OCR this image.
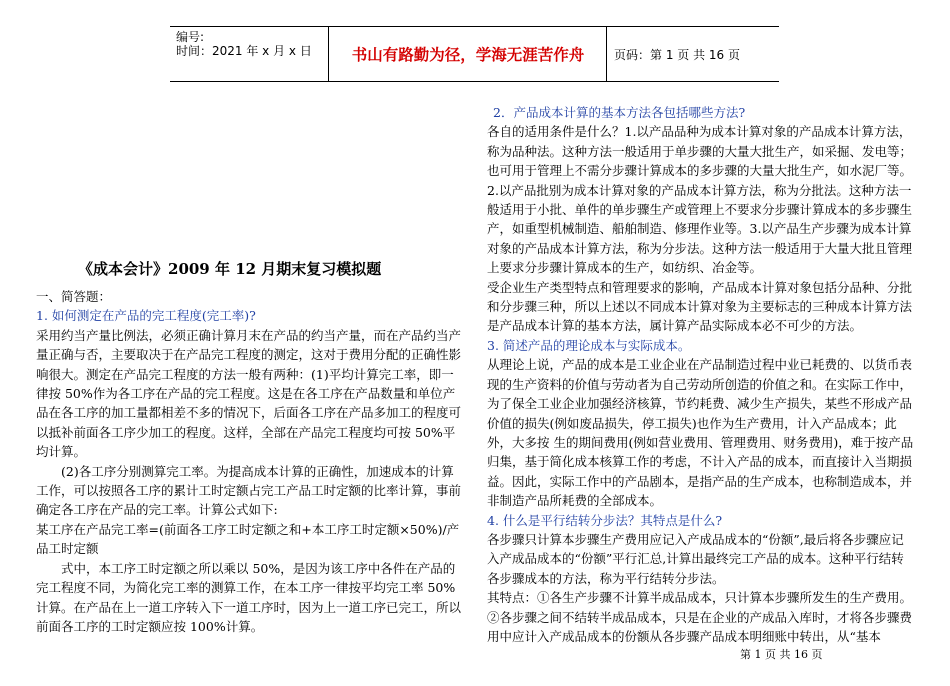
编号:
时间：2021 年 x 月 x 日	书山有路勤为径，学海无涯苦作舟	页码：第 1 页 共 16 页
《成本会计》2009 年 12 月期末复习模拟题

一、简答题：

1. 如何测定在产品的完工程度(完工率)?

采用约当产量比例法，必须正确计算月末在产品的约当产量，而在产品约当产量正确与否，主要取决于在产品完工程度的测定，这对于费用分配的正确性影响很大。测定在产品完工程度的方法一般有两种：(1)平均计算完工率，即一律按 50%作为各工序在产品的完工程度。这是在各工序在产品数量和单位产品在各工序的加工量都相差不多的情况下，后面各工序在产品多加工的程度可以抵补前面各工序少加工的程度。这样，全部在产品完工程度均可按 50%平均计算。

(2)各工序分别测算完工率。为提高成本计算的正确性，加速成本的计算工作，可以按照各工序的累计工时定额占完工产品工时定额的比率计算，事前确定各工序在产品的完工率。计算公式如下:

某工序在产品完工率=(前面各工序工时定额之和+本工序工时定额×50%)/产品工时定额

式中，本工序工时定额之所以乘以 50%，是因为该工序中各件在产品的完工程度不同，为简化完工率的测算工作，在本工序一律按平均完工率 50%计算。在产品在上一道工序转入下一道工序时，因为上一道工序已完工，所以前面各工序的工时定额应按 100%计算。

2．产品成本计算的基本方法各包括哪些方法?

各自的适用条件是什么？1.以产品品种为成本计算对象的产品成本计算方法，称为品种法。这种方法一般适用于单步骤的大量大批生产，如采掘、发电等；也可用于管理上不需分步骤计算成本的多步骤的大量大批生产，如水泥厂等。2.以产品批别为成本计算对象的产品成本计算方法，称为分批法。这种方法一般适用于小批、单件的单步骤生产或管理上不要求分步骤计算成本的多步骤生产，如重型机械制造、船舶制造、修理作业等。3.以产品生产步骤为成本计算对象的产品成本计算方法，称为分步法。这种方法一般适用于大量大批且管理上要求分步骤计算成本的生产，如纺织、冶金等。

受企业生产类型特点和管理要求的影响，产品成本计算对象包括分品种、分批和分步骤三种，所以上述以不同成本计算对象为主要标志的三种成本计算方法是产品成本计算的基本方法，属计算产品实际成本必不可少的方法。

3. 简述产品的理论成本与实际成本。

从理论上说，产品的成本是工业企业在产品制造过程中业已耗费的、以货币表现的生产资料的价值与劳动者为自己劳动所创造的价值之和。在实际工作中，为了保全工业企业加强经济核算，节约耗费、减少生产损失，某些不形成产品价值的损失(例如废品损失，停工损失)也作为生产费用，计入产品成本；此外，大多按 生的期间费用(例如营业费用、管理费用、财务费用)，难于按产品归集，基于简化成本核算工作的考虑，不计入产品的成本，而直接计入当期损益。因此，实际工作中的产品剧本，是指产品的生产成本，也称制造成本，并非制造产品所耗费的全部成本。

4. 什么是平行结转分步法？其特点是什么?

各步骤只计算本步骤生产费用应记入产成品成本的“份额”,最后将各步骤应记入产成品成本的“份额”平行汇总,计算出最终完工产品的成本。这种平行结转各步骤成本的方法，称为平行结转分步法。

其特点：①各生产步骤不计算半成品成本，只计算本步骤所发生的生产费用。②各步骤之间不结转半成品成本，只是在企业的产成品入库时，才将各步骤费用中应计入产成品成本的份额从各步骤产品成本明细账中转出，从“基本

第 1 页 共 16 页
